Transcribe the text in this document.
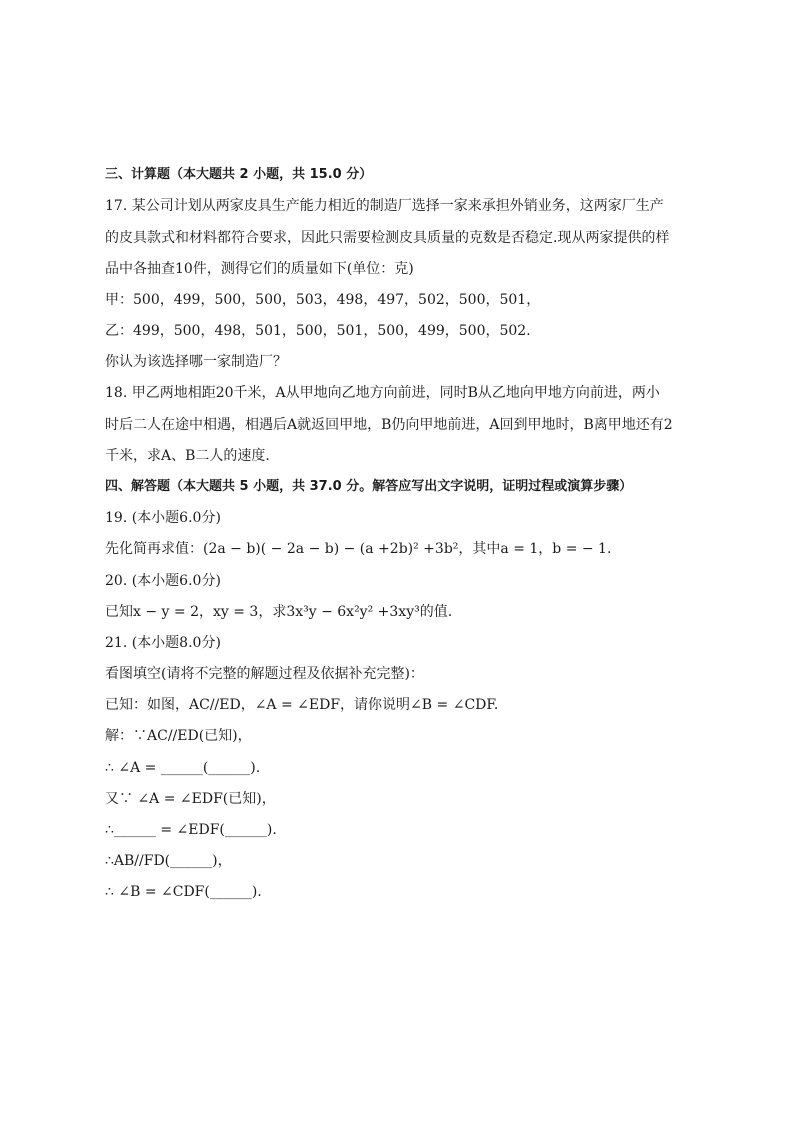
三、计算题（本大题共 2 小题，共 15.0 分）
17. 某公司计划从两家皮具生产能力相近的制造厂选择一家来承担外销业务，这两家厂生产
的皮具款式和材料都符合要求，因此只需要检测皮具质量的克数是否稳定.现从两家提供的样
品中各抽查10件，测得它们的质量如下(单位：克)
甲：500，499，500，500，503，498，497，502，500，501，
乙：499，500，498，501，500，501，500，499，500，502．
你认为该选择哪一家制造厂？
18. 甲乙两地相距20千米，A从甲地向乙地方向前进，同时B从乙地向甲地方向前进，两小
时后二人在途中相遇，相遇后A就返回甲地，B仍向甲地前进，A回到甲地时，B离甲地还有2
千米，求A、B二人的速度．
四、解答题（本大题共 5 小题，共 37.0 分。解答应写出文字说明，证明过程或演算步骤）
19. (本小题6.0分)
先化简再求值：(2a − b)( − 2a − b) − (a +2b)² +3b²，其中a = 1，b = − 1.
20. (本小题6.0分)
已知x − y = 2，xy = 3，求3x³y − 6x²y² +3xy³的值.
21. (本小题8.0分)
看图填空(请将不完整的解题过程及依据补充完整)：
已知：如图，AC//ED，∠A = ∠EDF，请你说明∠B = ∠CDF.
解：∵AC//ED(已知)，
∴ ∠A = ______(______).
又∵ ∠A = ∠EDF(已知)，
∴______ = ∠EDF(______).
∴AB//FD(______)，
∴ ∠B = ∠CDF(______).
